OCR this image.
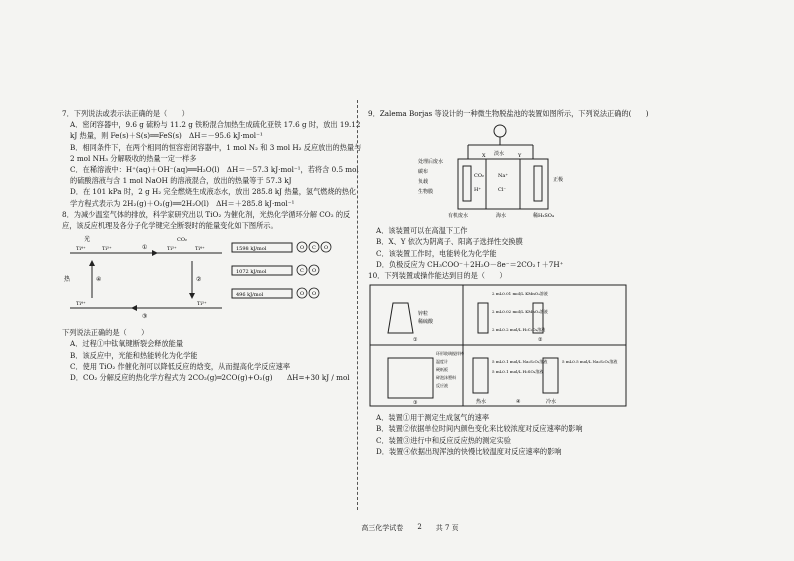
7．下列说法或表示法正确的是（　　）

A．密闭容器中，9.6 g 硫粉与 11.2 g 铁粉混合加热生成硫化亚铁 17.6 g 时，放出 19.12 kJ 热量，则 Fe(s)＋S(s)══FeS(s)　ΔH＝－95.6 kJ·mol⁻¹

B．相同条件下，在两个相同的恒容密闭容器中，1 mol N₂ 和 3 mol H₂ 反应放出的热量与 2 mol NH₃ 分解吸收的热量一定一样多

C．在稀溶液中：H⁺(aq)＋OH⁻(aq)══H₂O(l)　ΔH＝－57.3 kJ·mol⁻¹，若将含 0.5 mol 的硫酸溶液与含 1 mol NaOH 的溶液混合，放出的热量等于 57.3 kJ

D．在 101 kPa 时，2 g H₂ 完全燃烧生成液态水，放出 285.8 kJ 热量，氢气燃烧的热化学方程式表示为 2H₂(g)＋O₂(g)══2H₂O(l)　ΔH＝＋285.8 kJ·mol⁻¹

8．为减少温室气体的排放，科学家研究出以 TiO₂ 为催化剂，光热化学循环分解 CO₂ 的反应，该反应机理及各分子化学键完全断裂时的能量变化如下图所示。

光
热
Ti⁴⁺	Ti³⁺	Ti³⁺	Ti⁴⁺
CO₂
①
②
③
④
Ti⁴⁺	Ti³⁺
1598 kJ/mol
1072 kJ/mol
496 kJ/mol
O C O
C O
O O

下列说法正确的是（　　）

A．过程①中钛氧键断裂会释放能量

B．该反应中，光能和热能转化为化学能

C．使用 TiO₂ 作催化剂可以降低反应的焓变，从而提高化学反应速率

D．CO₂ 分解反应的热化学方程式为 2CO₂(g)═2CO(g)+O₂(g)　　ΔH=+30 kJ / mol

9．Zalema Borjas 等设计的一种微生物脱盐池的装置如图所示，下列说法正确的(　　)

淡水
处理后废水
碳布
负载
生物膜
X	Y
CO₂
H⁺
Na⁺
Cl⁻
正极
有机废水	海水	稀H₂SO₄

A．该装置可以在高温下工作

B．X、Y 依次为阴离子、阳离子选择性交换膜

C．该装置工作时，电能转化为化学能

D．负极反应为 CH₃COO⁻＋2H₂O－8e⁻＝2CO₂↑＋7H⁺

10．下列装置或操作能达到目的是（　　）

锌粒
稀硫酸
①
2 mL0.01 mol/L KMnO₄溶液
2 mL0.02 mol/L KMnO₄溶液
2 mL0.2 mol/L H₂C₂O₄溶液
②
环形玻璃搅拌棒
温度计
硬纸板
碎泡沫塑料
反应液
③
5 mL0.1 mol/L Na₂S₂O₃溶液
5 mL0.1 mol/L H₂SO₄溶液
5 mL0.5 mol/L Na₂S₂O₃溶液
热水	冷水
④

A．装置①用于测定生成氢气的速率

B．装置②依据单位时间内颜色变化来比较浓度对反应速率的影响

C．装置③进行中和反应反应热的测定实验

D．装置④依据出现浑浊的快慢比较温度对反应速率的影响

高三化学试卷 2 共 7 页
